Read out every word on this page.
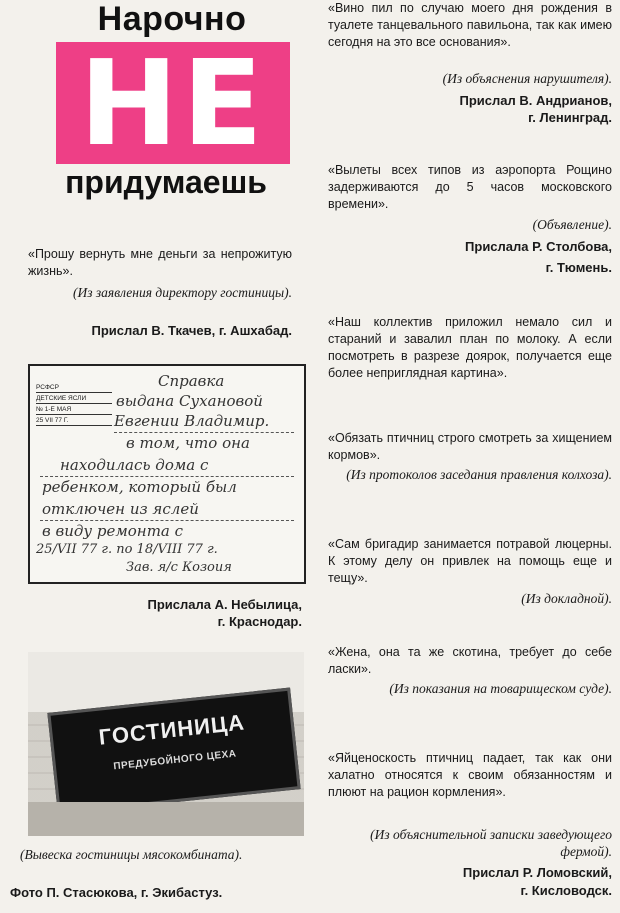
Нарочно
НЕ
придумаешь

«Прошу вернуть мне деньги за непрожитую жизнь».

(Из заявления директору гостиницы).

Прислал В. Ткачев, г. Ашхабад.

РСФСР
ДЕТСКИЕ ЯСЛИ
№ 1-Е МАЯ
25 VII 77 Г.
Справка
выдана Сухановой
Евгении Владимир.
в том, что она
находилась дома с
ребенком, который был
отключен из яслей
в виду ремонта с
25/VII 77 г. по 18/VIII 77 г.
Зав. я/с Козоия

Прислала А. Небылица,

г. Краснодар.

ГОСТИНИЦА
ПРЕДУБОЙНОГО ЦЕХА

(Вывеска гостиницы мясокомбината).

Фото П. Стасюкова, г. Экибастуз.

«Вино пил по случаю моего дня рождения в туалете танцевального павильона, так как имею сегодня на это все основания».

(Из объяснения нарушителя).

Прислал В. Андрианов,

г. Ленинград.

«Вылеты всех типов из аэропорта Рощино задерживаются до 5 часов московского времени».

(Объявление).

Прислала Р. Столбова,

г. Тюмень.

«Наш коллектив приложил немало сил и стараний и завалил план по молоку. А если посмотреть в разрезе доярок, получается еще более неприглядная картина».

«Обязать птичниц строго смотреть за хищением кормов».

(Из протоколов заседания правления колхоза).

«Сам бригадир занимается потравой люцерны. К этому делу он привлек на помощь еще и тещу».

(Из докладной).

«Жена, она та же скотина, требует до себе ласки».

(Из показания на товарищеском суде).

«Яйценоскость птичниц падает, так как они халатно относятся к своим обязанностям и плюют на рацион кормления».

(Из объяснительной записки заведующего фермой).

Прислал Р. Ломовский,

г. Кисловодск.
